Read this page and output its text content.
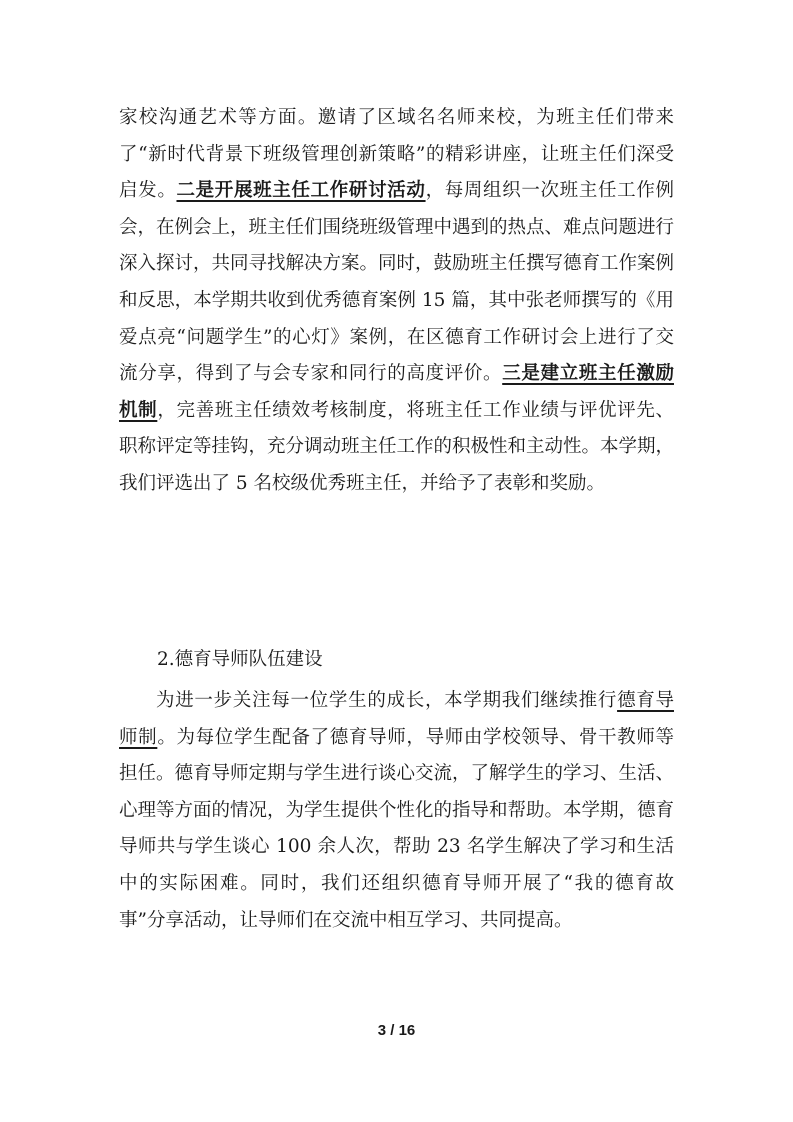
家校沟通艺术等方面。邀请了区域名名师来校，为班主任们带来了“新时代背景下班级管理创新策略”的精彩讲座，让班主任们深受启发。二是开展班主任工作研讨活动，每周组织一次班主任工作例会，在例会上，班主任们围绕班级管理中遇到的热点、难点问题进行深入探讨，共同寻找解决方案。同时，鼓励班主任撰写德育工作案例和反思，本学期共收到优秀德育案例 15 篇，其中张老师撰写的《用爱点亮“问题学生”的心灯》案例，在区德育工作研讨会上进行了交流分享，得到了与会专家和同行的高度评价。三是建立班主任激励机制，完善班主任绩效考核制度，将班主任工作业绩与评优评先、职称评定等挂钩，充分调动班主任工作的积极性和主动性。本学期，我们评选出了 5 名校级优秀班主任，并给予了表彰和奖励。

2.德育导师队伍建设

为进一步关注每一位学生的成长，本学期我们继续推行德育导师制。为每位学生配备了德育导师，导师由学校领导、骨干教师等担任。德育导师定期与学生进行谈心交流，了解学生的学习、生活、心理等方面的情况，为学生提供个性化的指导和帮助。本学期，德育导师共与学生谈心 100 余人次，帮助 23 名学生解决了学习和生活中的实际困难。同时，我们还组织德育导师开展了“我的德育故事”分享活动，让导师们在交流中相互学习、共同提高。

3 / 16
